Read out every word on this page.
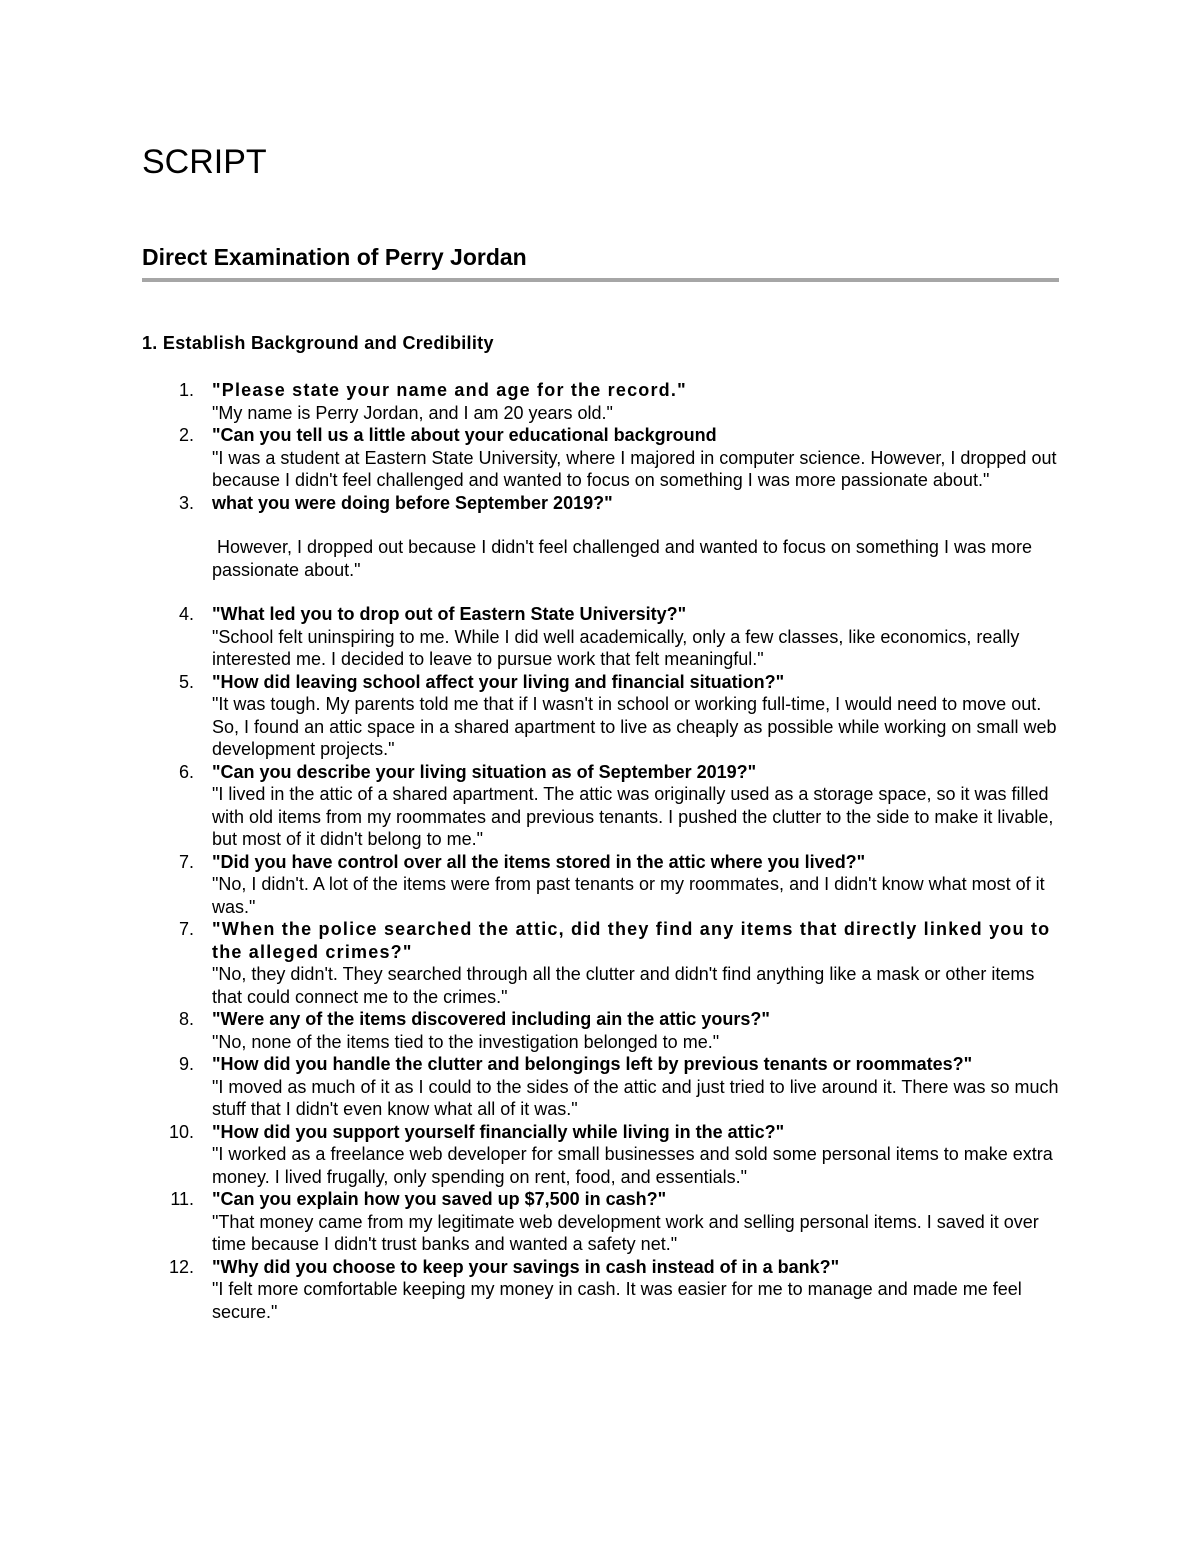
SCRIPT
Direct Examination of Perry Jordan
1. Establish Background and Credibility
1. "Please state your name and age for the record."
"My name is Perry Jordan, and I am 20 years old."
2. "Can you tell us a little about your educational background
"I was a student at Eastern State University, where I majored in computer science. However, I dropped out because I didn't feel challenged and wanted to focus on something I was more passionate about."
3. what you were doing before September 2019?"
However, I dropped out because I didn't feel challenged and wanted to focus on something I was more passionate about."
4. "What led you to drop out of Eastern State University?"
"School felt uninspiring to me. While I did well academically, only a few classes, like economics, really interested me. I decided to leave to pursue work that felt meaningful."
5. "How did leaving school affect your living and financial situation?"
"It was tough. My parents told me that if I wasn't in school or working full-time, I would need to move out. So, I found an attic space in a shared apartment to live as cheaply as possible while working on small web development projects."
6. "Can you describe your living situation as of September 2019?"
"I lived in the attic of a shared apartment. The attic was originally used as a storage space, so it was filled with old items from my roommates and previous tenants. I pushed the clutter to the side to make it livable, but most of it didn't belong to me."
7. "Did you have control over all the items stored in the attic where you lived?"
"No, I didn't. A lot of the items were from past tenants or my roommates, and I didn't know what most of it was."
7. "When the police searched the attic, did they find any items that directly linked you to the alleged crimes?"
"No, they didn't. They searched through all the clutter and didn't find anything like a mask or other items that could connect me to the crimes."
8. "Were any of the items discovered including ain the attic yours?"
"No, none of the items tied to the investigation belonged to me."
9. "How did you handle the clutter and belongings left by previous tenants or roommates?"
"I moved as much of it as I could to the sides of the attic and just tried to live around it. There was so much stuff that I didn't even know what all of it was."
10. "How did you support yourself financially while living in the attic?"
"I worked as a freelance web developer for small businesses and sold some personal items to make extra money. I lived frugally, only spending on rent, food, and essentials."
11. "Can you explain how you saved up $7,500 in cash?"
"That money came from my legitimate web development work and selling personal items. I saved it over time because I didn't trust banks and wanted a safety net."
12. "Why did you choose to keep your savings in cash instead of in a bank?"
"I felt more comfortable keeping my money in cash. It was easier for me to manage and made me feel secure."
